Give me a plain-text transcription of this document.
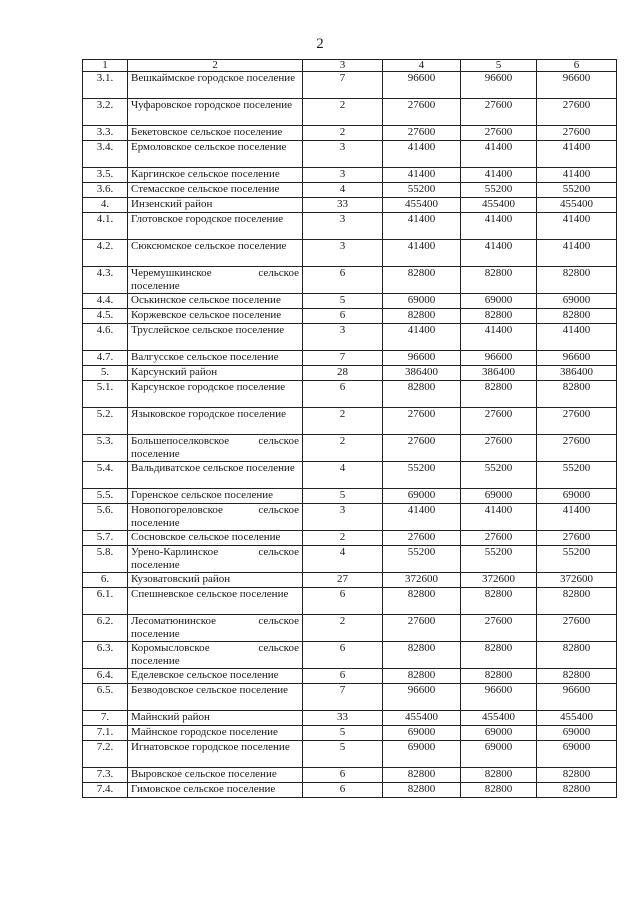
2
1	2	3	4	5	6
3.1.	Вешкаймское городское поселение	7	96600	96600	96600
3.2.	Чуфаровское городское поселение	2	27600	27600	27600
3.3.	Бекетовское сельское поселение	2	27600	27600	27600
3.4.	Ермоловское сельское поселение	3	41400	41400	41400
3.5.	Каргинское сельское поселение	3	41400	41400	41400
3.6.	Стемасское сельское поселение	4	55200	55200	55200
4.	Инзенский район	33	455400	455400	455400
4.1.	Глотовское городское поселение	3	41400	41400	41400
4.2.	Сюксюмское сельское поселение	3	41400	41400	41400
4.3.	Черемушкинское сельское поселение	6	82800	82800	82800
4.4.	Оськинское сельское поселение	5	69000	69000	69000
4.5.	Коржевское сельское поселение	6	82800	82800	82800
4.6.	Труслейское сельское поселение	3	41400	41400	41400
4.7.	Валгусское сельское поселение	7	96600	96600	96600
5.	Карсунский район	28	386400	386400	386400
5.1.	Карсунское городское поселение	6	82800	82800	82800
5.2.	Языковское городское поселение	2	27600	27600	27600
5.3.	Большепоселковское сельское поселение	2	27600	27600	27600
5.4.	Вальдиватское сельское поселение	4	55200	55200	55200
5.5.	Горенское сельское поселение	5	69000	69000	69000
5.6.	Новопогореловское сельское поселение	3	41400	41400	41400
5.7.	Сосновское сельское поселение	2	27600	27600	27600
5.8.	Урено-Карлинское сельское поселение	4	55200	55200	55200
6.	Кузоватовский район	27	372600	372600	372600
6.1.	Спешневское сельское поселение	6	82800	82800	82800
6.2.	Лесоматюнинское сельское поселение	2	27600	27600	27600
6.3.	Коромысловское сельское поселение	6	82800	82800	82800
6.4.	Еделевское сельское поселение	6	82800	82800	82800
6.5.	Безводовское сельское поселение	7	96600	96600	96600
7.	Майнский район	33	455400	455400	455400
7.1.	Майнское городское поселение	5	69000	69000	69000
7.2.	Игнатовское городское поселение	5	69000	69000	69000
7.3.	Выровское сельское поселение	6	82800	82800	82800
7.4.	Гимовское сельское поселение	6	82800	82800	82800
